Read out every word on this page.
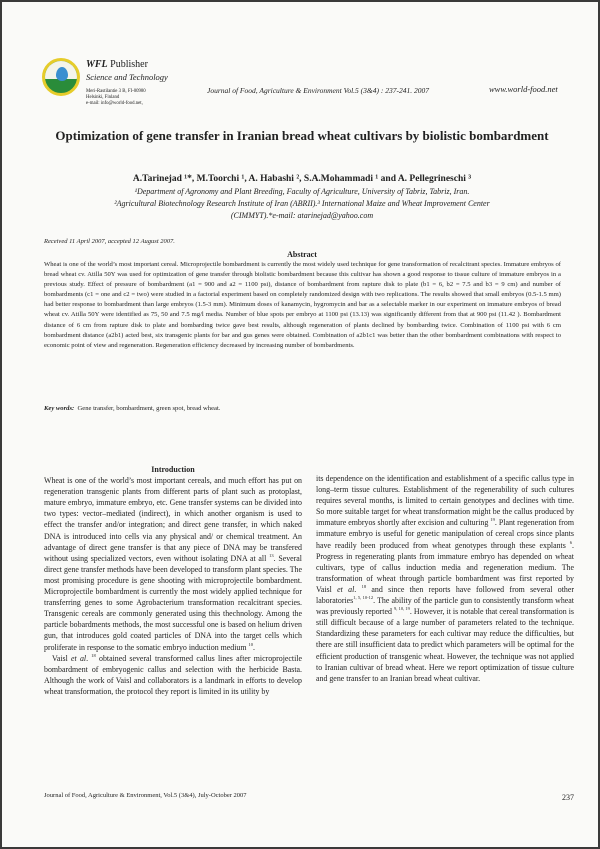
WFL Publisher
Science and Technology
Meri-Rastilantie 3 B, FI-00980
Helsinki, Finland
e-mail: info@world-food.net,
Journal of Food, Agriculture & Environment Vol.5 (3&4) : 237-241. 2007	www.world-food.net
Optimization of gene transfer in Iranian bread wheat cultivars by biolistic bombardment
A.Tarinejad ¹*, M.Toorchi ¹, A. Habashi ², S.A.Mohammadi ¹ and A. Pellegrineschi ³
¹Department of Agronomy and Plant Breeding, Faculty of Agriculture, University of Tabriz, Tabriz, Iran.
²Agricultural Biotechnology Research Institute of Iran (ABRII).³ International Maize and Wheat Improvement Center
(CIMMYT).*e-mail: atarinejad@yahoo.com
Received 11 April 2007, accepted 12 August 2007.
Abstract
Wheat is one of the world’s most important cereal. Microprojectile bombardment is currently the most widely used technique for gene transformation of recalcitrant species. Immature embryos of bread wheat cv. Atilla 50Y was used for optimization of gene transfer through biolistic bombardment because this cultivar has shown a good response to tissue culture of immature embryos in a previous study. Effect of pressure of bombardment (a1 = 900 and a2 = 1100 psi), distance of bombardment from rapture disk to plate (b1 = 6, b2 = 7.5 and b3 = 9 cm) and number of bombardments (c1 = one and c2 = two) were studied in a factorial experiment based on completely randomized design with two replications. The results showed that small embryos (0.5-1.5 mm) had better response to bombardment than large embryos (1.5-3 mm). Minimum doses of kanamycin, hygromycin and bar as a selectable marker in our experiment on immature embryos of bread wheat cv. Atilla 50Y were identified as 75, 50 and 7.5 mg/l media. Number of blue spots per embryo at 1100 psi (13.13) was significantly different from that at 900 psi (11.42 ). Bombardment distance of 6 cm from rapture disk to plate and bombarding twice gave best results, although regeneration of plants declined by bombarding twice. Combination of 1100 psi with 6 cm bombardment distance (a2b1) acted best, six transgenic plants for bar and gus genes were obtained. Combination of a2b1c1 was better than the other bombardment combinations with respect to economic point of view and regeneration. Regeneration efficiency decreased by increasing number of bombardments.
Key words: Gene transfer, bombardment, green spot, bread wheat.
Introduction

Wheat is one of the world’s most important cereals, and much effort has put on regeneration transgenic plants from different parts of plant such as protoplast, mature embryo, immature embryo, etc. Gene transfer systems can be divided into two types: vector–mediated (indirect), in which another organism is used to effect the transfer and/or integration; and direct gene transfer, in which naked DNA is introduced into cells via any physical and/ or chemical treatment. An advantage of direct gene transfer is that any piece of DNA may be transfered without using specialized vectors, even without isolating DNA at all $^{13}$. Several direct gene transfer methods have been developed to transform plant species. The most promising procedure is gene shooting with microprojectile bombardment. Microprojectile bombardment is currently the most widely applied technique for transferring genes to some Agrobacterium transformation recalcitrant species. Transgenic cereals are commonly generated using this thechnology. Among the particle bobardments methods, the most successful one is based on helium driven gun, that introduces gold coated particles of DNA into the target cells which proliferate in response to the somatic embryo induction medium $^{10}$.

Vaisl et al. $^{18}$ obtained several transformed callus lines after microprojectile bombardment of embryogenic callus and selection with the herbicide Basta. Although the work of Vaisl and collaborators is a landmark in efforts to develop wheat transformation, the protocol they report is limited in its utility by

its dependence on the identification and establishment of a specific callus type in long–term tissue cultures. Establishment of the regenerability of such cultures requires several months, is limited to certain genotypes and declines with time. So more suitable target for wheat transformation might be the callus produced by immature embryos shortly after excision and culturing $^{19}$. Plant regeneration from immature embryo is useful for genetic manipulation of cereal crops since plants have readily been produced from wheat genotypes through these explants $^6$. Progress in regenerating plants from immature embryo has depended on wheat cultivars, type of callus induction media and regeneration medium. The transformation of wheat through particle bombardment was first reported by Vaisl et al. $^{18}$ and since then reports have followed from several other laboratories$^{1, 5, 10-12}$. The ability of the particle gun to consistently transform wheat was previously reported $^{9, 10, 19}$. However, it is notable that cereal transformation is still difficult because of a large number of parameters related to the technique. Standardizing these parameters for each cultivar may reduce the difficulties, but there are still insufficient data to predict which parameters will be optimal for the efficient production of transgenic wheat. However, the technique was not applied to Iranian cultivar of bread wheat. Here we report optimization of tissue culture and gene transfer to an Iranian bread wheat cultivar.

Journal of Food, Agriculture & Environment, Vol.5 (3&4), July-October 2007	237
